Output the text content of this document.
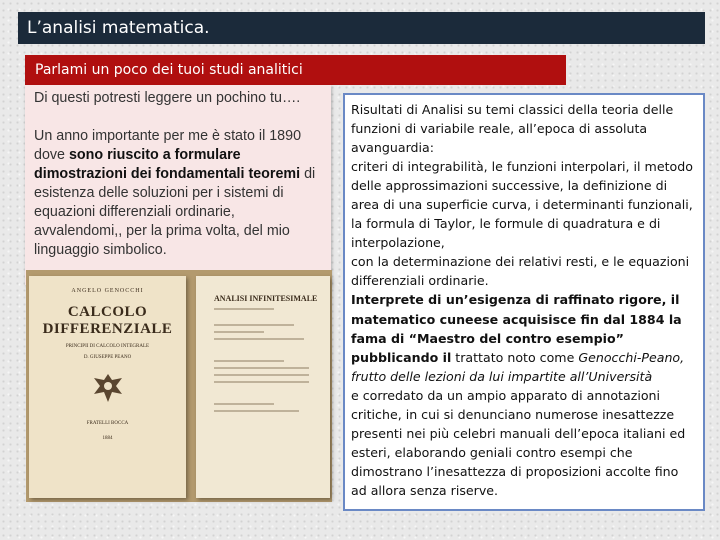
L’analisi matematica.
Parlami un poco dei tuoi studi analitici

Di questi potresti leggere un pochino tu….

Un anno importante per me è stato il 1890 dove sono riuscito a formulare dimostrazioni dei fondamentali teoremi di esistenza delle soluzioni per i sistemi di equazioni differenziali ordinarie, avvalendomi,, per la prima volta, del mio linguaggio simbolico.

ANGELO GENOCCHI
CALCOLO DIFFERENZIALE
PRINCIPII DI CALCOLO INTEGRALE
D. GIUSEPPE PEANO
FRATELLI BOCCA
1884
ANALISI INFINITESIMALE

Risultati di Analisi su temi classici della teoria delle funzioni di variabile reale, all’epoca di assoluta avanguardia:

criteri di integrabilità, le funzioni interpolari, il metodo delle approssimazioni successive, la definizione di area di una superficie curva, i determinanti funzionali, la formula di Taylor, le formule di quadratura e di interpolazione,

con la determinazione dei relativi resti, e le equazioni differenziali ordinarie.

Interprete di un’esigenza di raffinato rigore, il matematico cuneese acquisisce fin dal 1884 la fama di “Maestro del contro esempio” pubblicando il trattato noto come Genocchi-Peano, frutto delle lezioni da lui impartite all’Università

e corredato da un ampio apparato di annotazioni critiche, in cui si denunciano numerose inesattezze presenti nei più celebri manuali dell’epoca italiani ed esteri, elaborando geniali contro esempi che dimostrano l’inesattezza di proposizioni accolte fino ad allora senza riserve.
